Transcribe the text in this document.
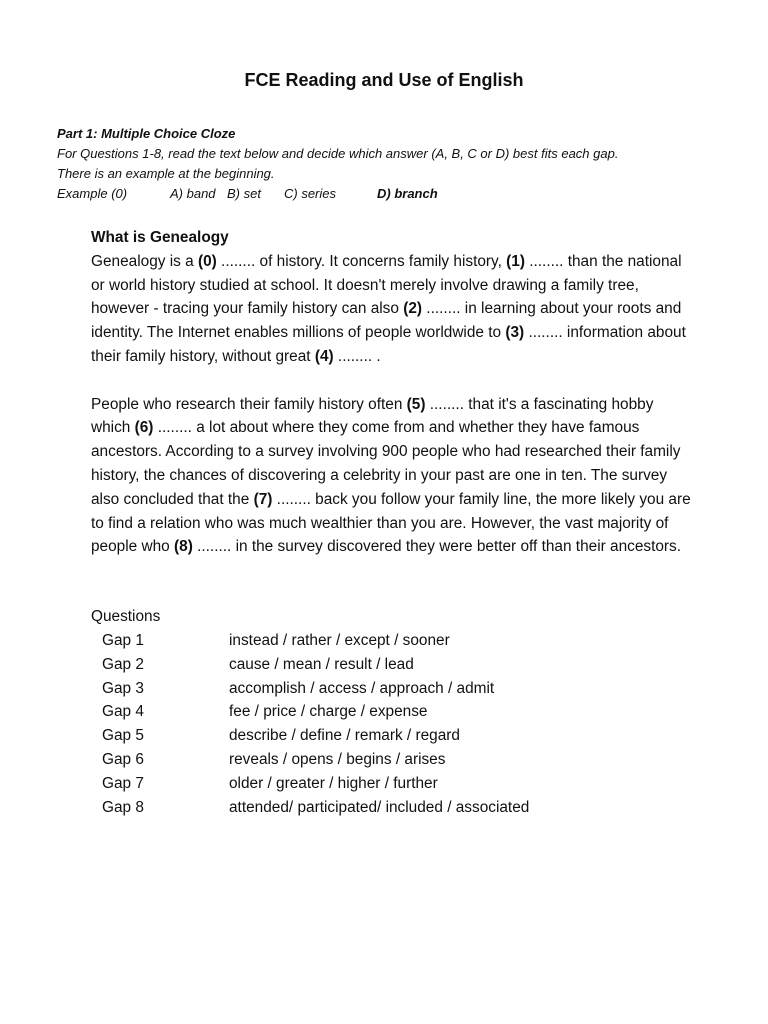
FCE Reading and Use of English
Part 1: Multiple Choice Cloze
For Questions 1-8, read the text below and decide which answer (A, B, C or D) best fits each gap.
There is an example at the beginning.
Example (0)	A) band B) set C) series	D) branch
What is Genealogy

Genealogy is a (0) ........ of history. It concerns family history, (1) ........ than the national or world history studied at school. It doesn't merely involve drawing a family tree, however - tracing your family history can also (2) ........ in learning about your roots and identity. The Internet enables millions of people worldwide to (3) ........ information about their family history, without great (4) ........ .

People who research their family history often (5) ........ that it's a fascinating hobby which (6) ........ a lot about where they come from and whether they have famous ancestors. According to a survey involving 900 people who had researched their family history, the chances of discovering a celebrity in your past are one in ten. The survey also concluded that the (7) ........ back you follow your family line, the more likely you are to find a relation who was much wealthier than you are. However, the vast majority of people who (8) ........ in the survey discovered they were better off than their ancestors.

Questions
Gap 1	instead / rather / except / sooner
Gap 2	cause / mean / result / lead
Gap 3	accomplish / access / approach / admit
Gap 4	fee / price / charge / expense
Gap 5	describe / define / remark / regard
Gap 6	reveals / opens / begins / arises
Gap 7	older / greater / higher / further
Gap 8	attended/ participated/ included / associated
